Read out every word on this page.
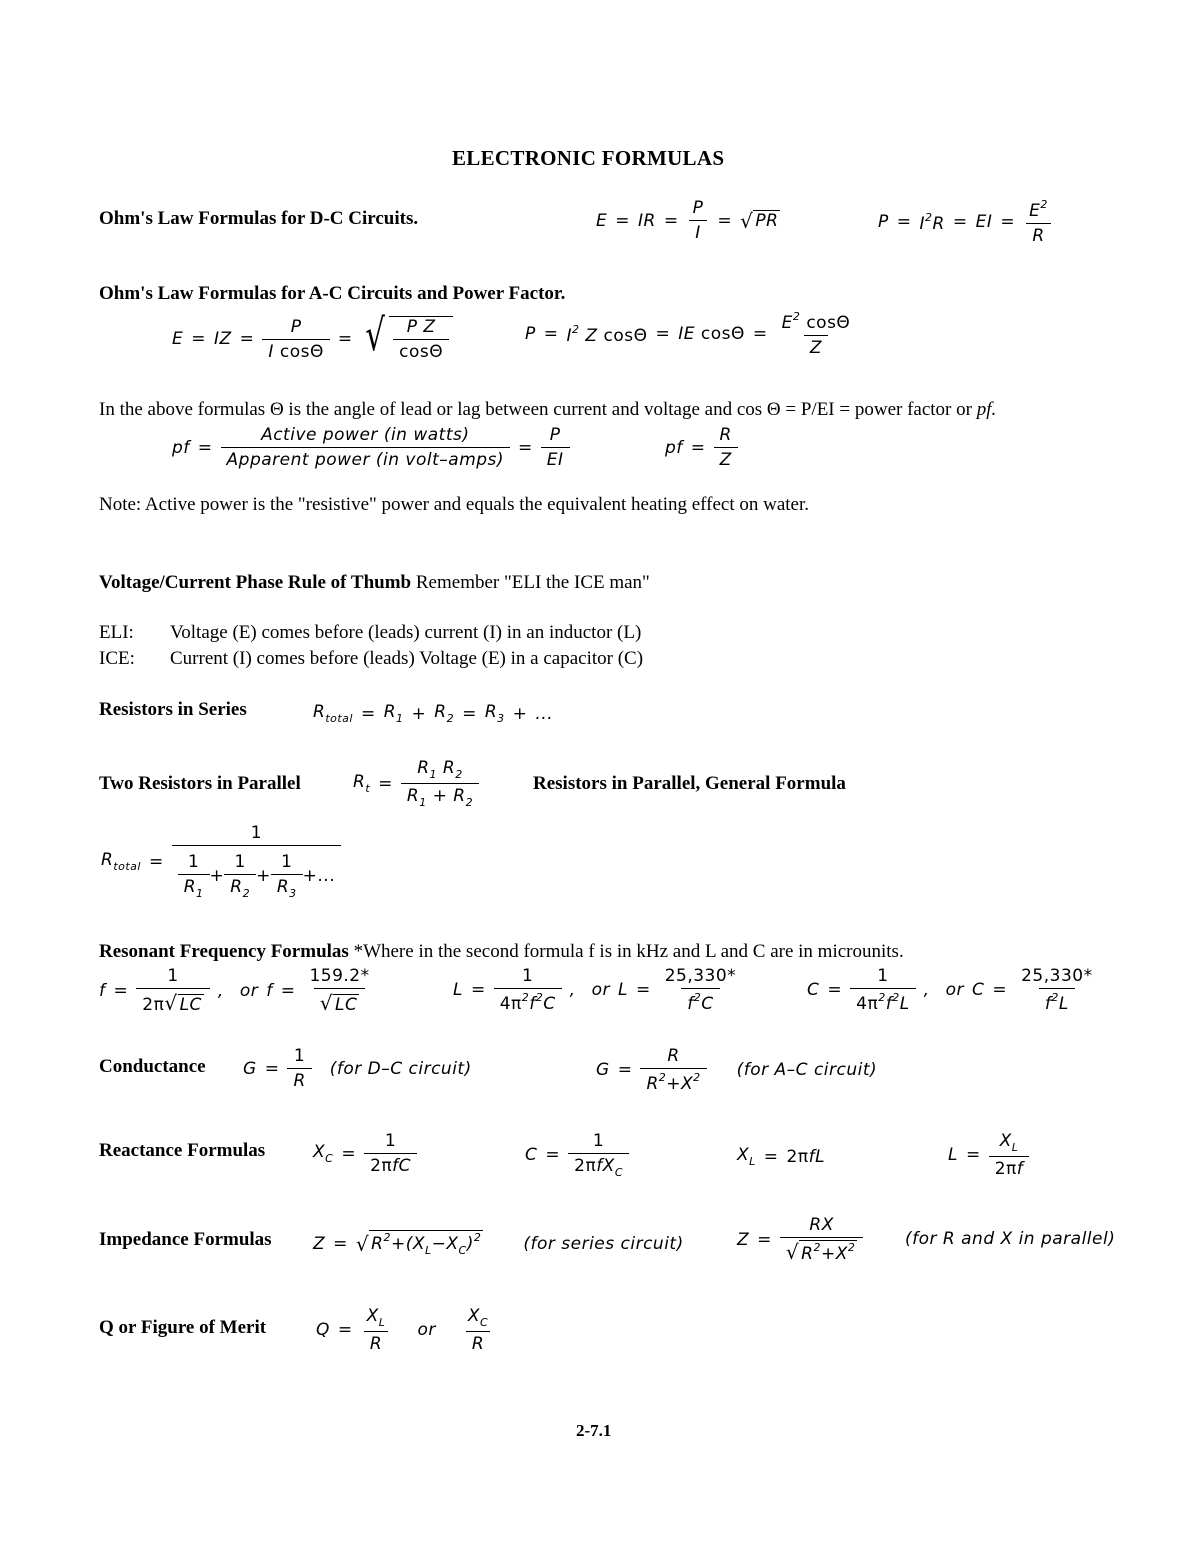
ELECTRONIC FORMULAS
Ohm's Law Formulas for D-C Circuits.	E = IR = $\frac{P}{I}$ = √ PR	$P = I^2R$ = EI = $\frac{E^2}{R}$
Ohm's Law Formulas for A-C Circuits and Power Factor.
E = IZ = $\frac{P}{\text{I cosΘ}}$ = √ $\frac{\text{P Z}}{\cos\Theta}$	$P = I^2$ Z cosΘ = IE $\cos\Theta = \frac{E^2 \cos\Theta}{Z}$
In the above formulas Θ is the angle of lead or lag between current and voltage and cos Θ = P/EI = power factor or pf.
pf = $\frac{\text{Active power (in watts)}}{\text{Apparent power (in volt–amps)}} = \frac{P}{EI}$	pf = $\frac{R}{Z}$
Note: Active power is the "resistive" power and equals the equivalent heating effect on water.
Voltage/Current Phase Rule of Thumb Remember "ELI the ICE man"
ELI: Voltage (E) comes before (leads) current (I) in an inductor (L)
ICE: Current (I) comes before (leads) Voltage (E) in a capacitor (C)
Resistors in Series	$R_{total} = R_1 + R_2 = R_3$ + ...
Two Resistors in Parallel	$R_t = \frac{R_1 R_2}{R_1 + R_2}$	Resistors in Parallel, General Formula
$R_{total} = \frac{1}{\frac{1}{R_1} + \frac{1}{R_2} + \frac{1}{R_3} +...}$
Resonant Frequency Formulas *Where in the second formula f is in kHz and L and C are in microunits.
$f = \frac{1}{2\pi√ LC}$ , or $f = \frac{159.2*}{√ LC}$	$L = \frac{1}{4\pi^2f^2C}$ , or $L = \frac{25,330*}{f^2C}$	$C = \frac{1}{4\pi^2f^2L}$ , or $C = \frac{25,330*}{f^2L}$
Conductance $G = \frac{1}{R}$	(for D–C circuit)	$G = \frac{R}{R^2+X^2}$	(for A–C circuit)
Reactance Formulas	$X_C = \frac{1}{\text{2πfC}}$	$C = \frac{1}{2\pi fX_C}$	$X_L = 2\pi fL$	$L = \frac{X_L}{2\pi f}$
Impedance Formulas Z = √ $R^2+(X_L-X_C)^2$	(for series circuit)	$Z = \frac{RX}{√ R^2+X^2} (for$ R and X in parallel)
Q or Figure of Merit	$Q = \frac{X_L}{R}$	or	$\frac{X_C}{R}$
2-7.1
